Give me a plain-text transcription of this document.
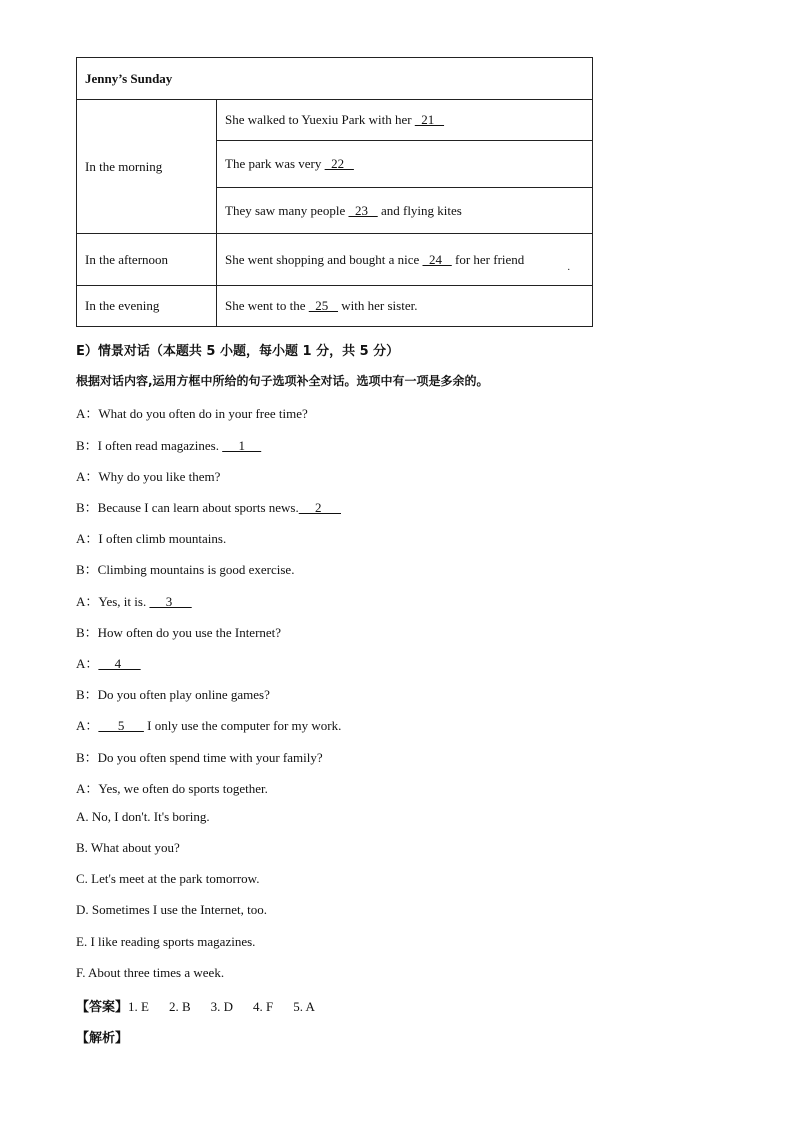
Jenny’s Sunday	
In the morning	She walked to Yuexiu Park with her   21
	The park was very   22
	They saw many people   23    and flying kites
In the afternoon	She went shopping and bought a nice   24    for her friend
.

In the evening	She went to the   25    with her sister.
E）情景对话（本题共 5 小题，每小题 1 分，共 5 分）
根据对话内容,运用方框中所给的句子选项补全对话。选项中有一项是多余的。
A：What do you often do in your free time?
B：I often read magazines.      1
A：Why do you like them?
B：Because I can learn about sports news.     2
A：I often climb mountains.
B：Climbing mountains is good exercise.
A：Yes, it is.      3
B：How often do you use the Internet?
A：     4
B：Do you often play online games?
A：      5       I only use the computer for my work.
B：Do you often spend time with your family?
A：Yes, we often do sports together.
A. No, I don't. It's boring.
B. What about you?
C. Let's meet at the park tomorrow.
D. Sometimes I use the Internet, too.
E. I like reading sports magazines.
F. About three times a week.
【答案】1. E 2. B 3. D 4. F 5. A
【解析】
